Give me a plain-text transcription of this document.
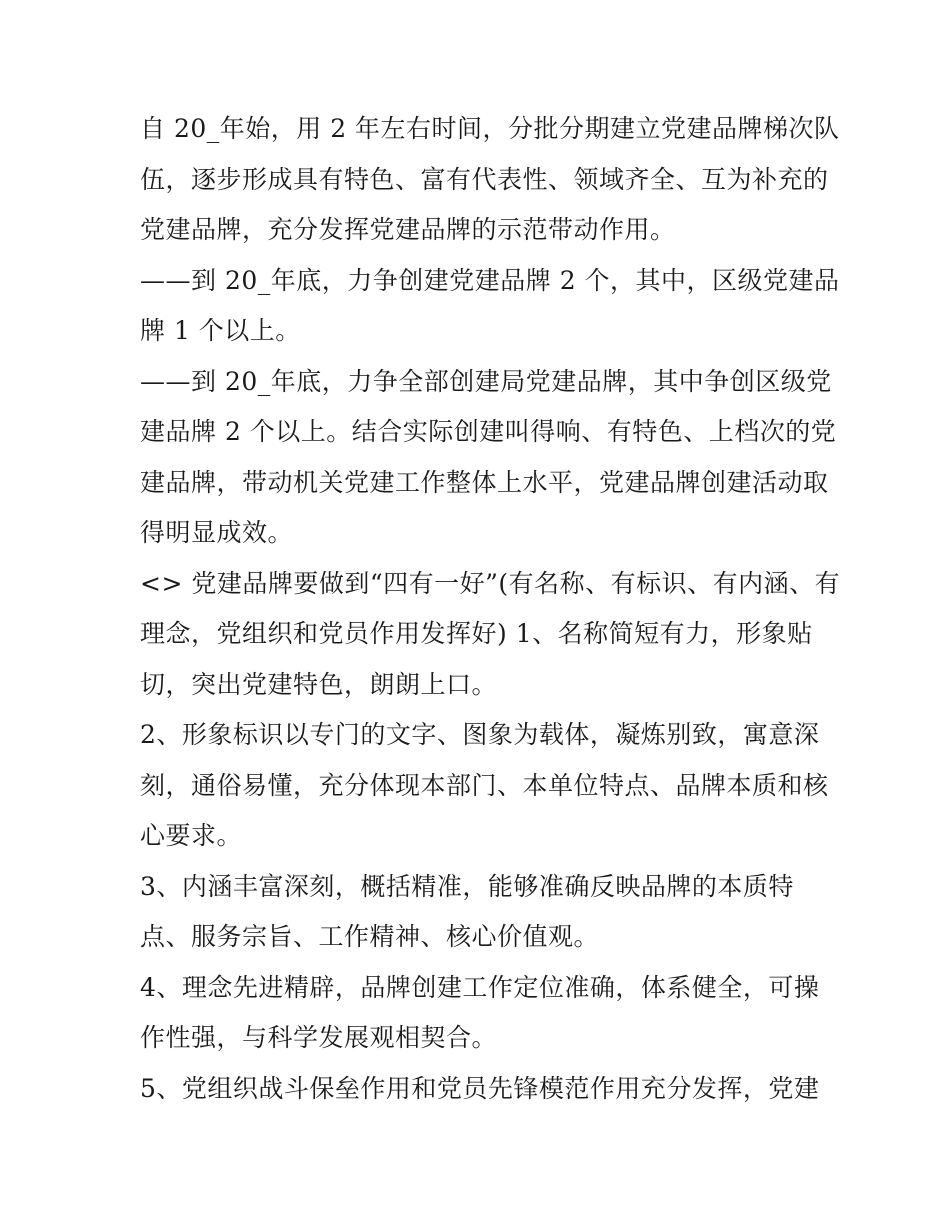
自 20_年始，用 2 年左右时间，分批分期建立党建品牌梯次队
伍，逐步形成具有特色、富有代表性、领域齐全、互为补充的
党建品牌，充分发挥党建品牌的示范带动作用。
——到 20_年底，力争创建党建品牌 2 个，其中，区级党建品
牌 1 个以上。
——到 20_年底，力争全部创建局党建品牌，其中争创区级党
建品牌 2 个以上。结合实际创建叫得响、有特色、上档次的党
建品牌，带动机关党建工作整体上水平，党建品牌创建活动取
得明显成效。
<> 党建品牌要做到“四有一好”(有名称、有标识、有内涵、有
理念，党组织和党员作用发挥好) 1、名称简短有力，形象贴
切，突出党建特色，朗朗上口。
2、形象标识以专门的文字、图象为载体，凝炼别致，寓意深
刻，通俗易懂，充分体现本部门、本单位特点、品牌本质和核
心要求。
3、内涵丰富深刻，概括精准，能够准确反映品牌的本质特
点、服务宗旨、工作精神、核心价值观。
4、理念先进精辟，品牌创建工作定位准确，体系健全，可操
作性强，与科学发展观相契合。
5、党组织战斗保垒作用和党员先锋模范作用充分发挥，党建
